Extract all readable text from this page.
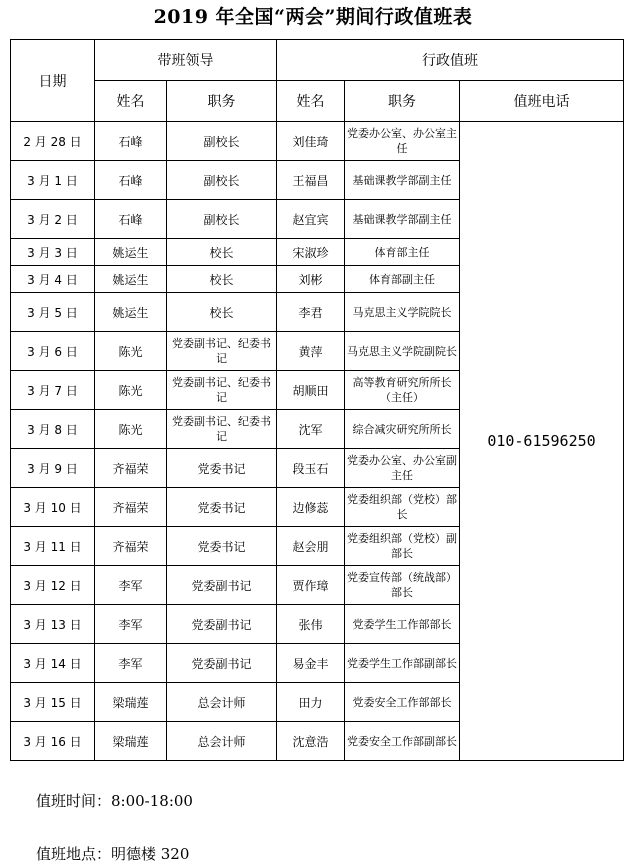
2019 年全国“两会”期间行政值班表
日期	带班领导		行政值班		
	姓名	职务	姓名	职务	值班电话
2 月 28 日	石峰	副校长	刘佳琦	党委办公室、办公室主任	010-61596250
3 月 1 日	石峰	副校长	王福昌	基础课教学部副主任	
3 月 2 日	石峰	副校长	赵宜宾	基础课教学部副主任	
3 月 3 日	姚运生	校长	宋淑珍	体育部主任	
3 月 4 日	姚运生	校长	刘彬	体育部副主任	
3 月 5 日	姚运生	校长	李君	马克思主义学院院长	
3 月 6 日	陈光	党委副书记、纪委书记	黄萍	马克思主义学院副院长	
3 月 7 日	陈光	党委副书记、纪委书记	胡顺田	高等教育研究所所长（主任）	
3 月 8 日	陈光	党委副书记、纪委书记	沈军	综合减灾研究所所长	
3 月 9 日	齐福荣	党委书记	段玉石	党委办公室、办公室副主任	
3 月 10 日	齐福荣	党委书记	边修蕊	党委组织部（党校）部长	
3 月 11 日	齐福荣	党委书记	赵会朋	党委组织部（党校）副部长	
3 月 12 日	李军	党委副书记	贾作璋	党委宣传部（统战部）部长	
3 月 13 日	李军	党委副书记	张伟	党委学生工作部部长	
3 月 14 日	李军	党委副书记	易金丰	党委学生工作部副部长	
3 月 15 日	梁瑞莲	总会计师	田力	党委安全工作部部长	
3 月 16 日	梁瑞莲	总会计师	沈意浩	党委安全工作部副部长	
值班时间：8:00-18:00
值班地点：明德楼 320
